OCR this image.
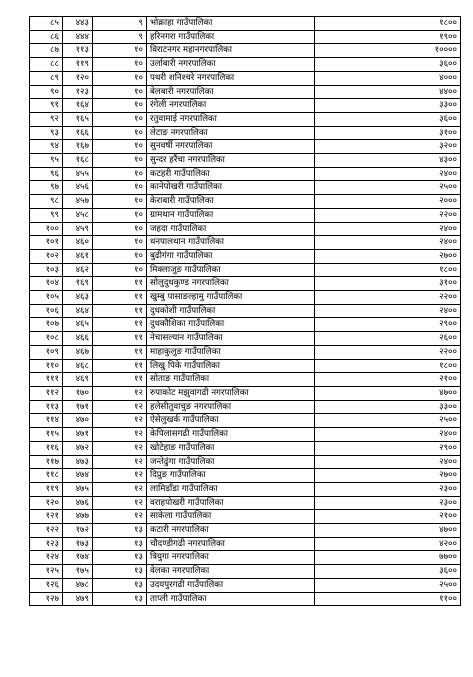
८५	४४३	९	भोक्राहा गाउँपालिका	१८००
८६	४४४	९	हरिनगरा गाउँपालिका	१९००
८७	११३	१०	विराटनगर महानगरपालिका	१००००
८८	११९	१०	उर्लाबारी नगरपालिका	३६००
८९	१२०	१०	पथरी शनिश्चरे नगरपालिका	४०००
९०	१२३	१०	बेलबारी नगरपालिका	४४००
९१	१६४	१०	रंगेली नगरपालिका	३३००
९२	१६५	१०	रतुवामाई नगरपालिका	३६००
९३	१६६	१०	लेटाङ नगरपालिका	३१००
९४	१६७	१०	सुनवर्षी नगरपालिका	३२००
९५	१६८	१०	सुन्दर हरैंचा नगरपालिका	४३००
९६	४५५	१०	कटहरी गाउँपालिका	२४००
९७	४५६	१०	कानेपोखरी गाउँपालिका	२५००
९८	४५७	१०	केराबारी गाउँपालिका	२०००
९९	४५८	१०	ग्रामथान गाउँपालिका	२२००
१००	४५९	१०	जहदा गाउँपालिका	२४००
१०१	४६०	१०	धनपालथान गाउँपालिका	२४००
१०२	४६१	१०	बुढीगंगा गाउँपालिका	२७००
१०३	४६२	१०	मिक्लाजुङ गाउँपालिका	१८००
१०४	१६९	११	सोलुदुधकुण्ड नगरपालिका	३१००
१०५	४६३	११	खुम्बु पासाङल्हामु गाउँपालिका	२२००
१०६	४६४	११	दुधकोशी गाउँपालिका	२४००
१०७	४६५	११	दुधकौशिका गाउँपालिका	२९००
१०८	४६६	११	नेचासल्यान गाउँपालिका	२६००
१०९	४६७	११	माहाकुलुङ गाउँपालिका	२२००
११०	४६८	११	लिखु पिके गाउँपालिका	१८००
१११	४६९	११	सोताङ गाउँपालिका	२१००
११२	१७०	१२	रुपाकोट मझुवागढी नगरपालिका	४७००
११३	१७१	१२	हलेसीतुवाचुङ नगरपालिका	३३००
११४	४७०	१२	ऐसेलुखर्क गाउँपालिका	२५००
११५	४७१	१२	केपिलासगढी गाउँपालिका	२४००
११६	४७२	१२	खोटेहाङ गाउँपालिका	२९००
११७	४७३	१२	जन्तेढुंगा गाउँपालिका	२४००
११८	४७४	१२	दिप्रुङ गाउँपालिका	२७००
११९	४७५	१२	लामिडाँडा गाउँपालिका	२३००
१२०	४७६	१२	वराहपोखरी गाउँपालिका	२३००
१२१	४७७	१२	साकेला गाउँपालिका	२१००
१२२	१७२	१३	कटारी नगरपालिका	४७००
१२३	१७३	१३	चौदण्डीगढी नगरपालिका	४२००
१२४	१७४	१३	त्रियुगा नगरपालिका	७७००
१२५	१७५	१३	वेलका नगरपालिका	३६००
१२६	४७८	१३	उदयपुरगढी गाउँपालिका	२५००
१२७	४७९	१३	ताप्ली गाउँपालिका	११००
